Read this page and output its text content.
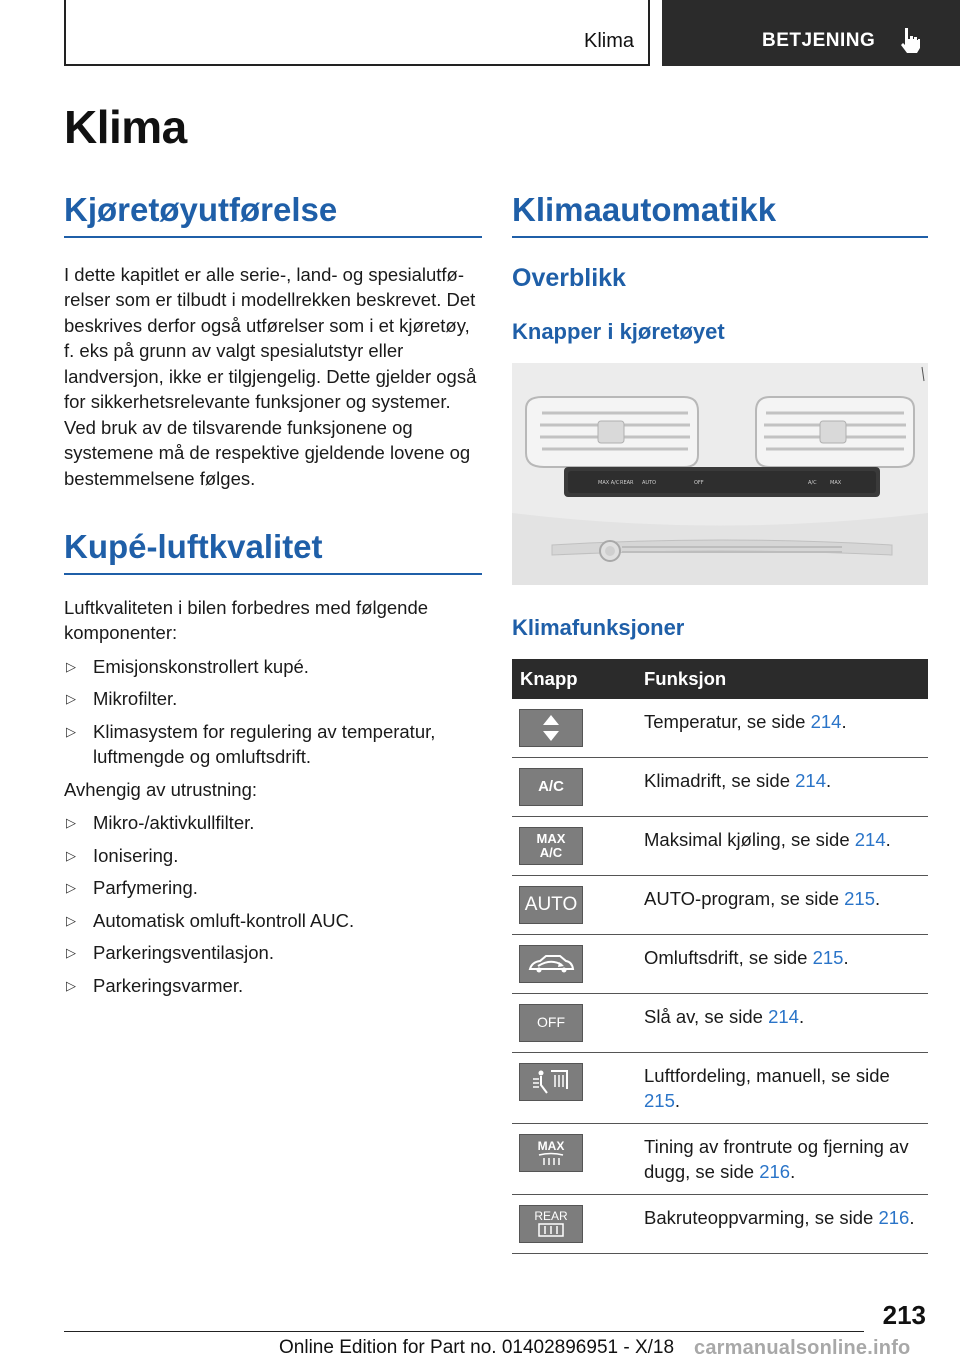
Klima	BETJENING
Klima
Kjøretøyutførelse

I dette kapitlet er alle serie-, land- og spesialutførelser som er tilbudt i modellrekken beskrevet. Det beskrives derfor også utførelser som i et kjøretøy, f. eks på grunn av valgt spesialutstyr eller landversjon, ikke er tilgjengelig. Dette gjelder også for sikkerhetsrelevante funksjoner og systemer. Ved bruk av de tilsvarende funksjonene og systemene må de respektive gjeldende lovene og bestemmelsene følges.

Kupé-luftkvalitet

Luftkvaliteten i bilen forbedres med følgende komponenter:

▷ Emisjonskonstrollert kupé.
▷ Mikrofilter.
▷ Klimasystem for regulering av temperatur, luftmengde og omluftsdrift.

Avhengig av utrustning:

▷ Mikro-/aktivkullfilter.
▷ Ionisering.
▷ Parfymering.
▷ Automatisk omluft-kontroll AUC.
▷ Parkeringsventilasjon.
▷ Parkeringsvarmer.
Klimaautomatikk
Overblikk
Knapper i kjøretøyet
MAX A/C REAR AUTO	OFF	A/C	MAX
Klimafunksjoner
Knapp	Funksjon

	Temperatur, se side 214.

A/C	Klimadrift, se side 214.

MAX A/C	Maksimal kjøling, se side 214.

AUTO	AUTO-program, se side 215.

	Omluftsdrift, se side 215.

OFF	Slå av, se side 214.

	Luftfordeling, manuell, se side 215.

MAX	Tining av frontrute og fjerning av dugg, se side 216.

REAR	Bakruteoppvarming, se side 216.
213
Online Edition for Part no. 01402896951 - X/18 carmanualsonline.info
